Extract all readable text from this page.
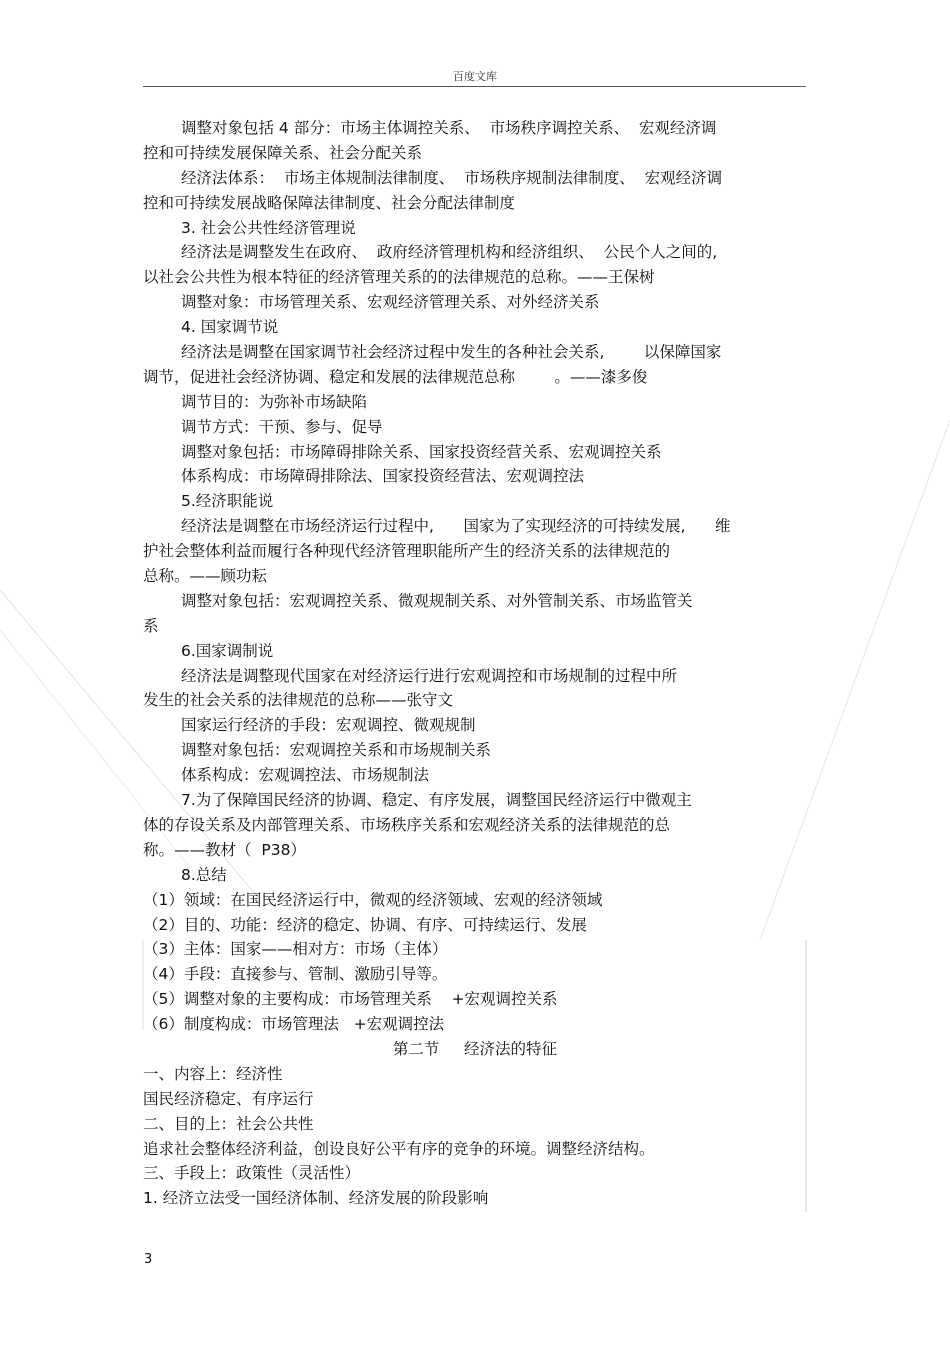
百度文库
调整对象包括 4 部分：市场主体调控关系、  市场秩序调控关系、  宏观经济调
控和可持续发展保障关系、社会分配关系
经济法体系：  市场主体规制法律制度、  市场秩序规制法律制度、  宏观经济调
控和可持续发展战略保障法律制度、社会分配法律制度
3. 社会公共性经济管理说
经济法是调整发生在政府、  政府经济管理机构和经济组织、  公民个人之间的,
以社会公共性为根本特征的经济管理关系的的法律规范的总称。——王保树
调整对象：市场管理关系、宏观经济管理关系、对外经济关系
4. 国家调节说
经济法是调整在国家调节社会经济过程中发生的各种社会关系,        以保障国家
调节，促进社会经济协调、稳定和发展的法律规范总称        。——漆多俊
调节目的：为弥补市场缺陷
调节方式：干预、参与、促导
调整对象包括：市场障碍排除关系、国家投资经营关系、宏观调控关系
体系构成：市场障碍排除法、国家投资经营法、宏观调控法
5.经济职能说
经济法是调整在市场经济运行过程中,      国家为了实现经济的可持续发展,      维
护社会整体利益而履行各种现代经济管理职能所产生的经济关系的法律规范的
总称。——顾功耘
调整对象包括：宏观调控关系、微观规制关系、对外管制关系、市场监管关
系
6.国家调制说
经济法是调整现代国家在对经济运行进行宏观调控和市场规制的过程中所
发生的社会关系的法律规范的总称——张守文
国家运行经济的手段：宏观调控、微观规制
调整对象包括：宏观调控关系和市场规制关系
体系构成：宏观调控法、市场规制法
7.为了保障国民经济的协调、稳定、有序发展，调整国民经济运行中微观主
体的存设关系及内部管理关系、市场秩序关系和宏观经济关系的法律规范的总
称。——教材（  P38）
8.总结
（1）领域：在国民经济运行中，微观的经济领域、宏观的经济领域
（2）目的、功能：经济的稳定、协调、有序、可持续运行、发展
（3）主体：国家——相对方：市场（主体）
（4）手段：直接参与、管制、激励引导等。
（5）调整对象的主要构成：市场管理关系    +宏观调控关系
（6）制度构成：市场管理法   +宏观调控法
第二节     经济法的特征
一、内容上：经济性
国民经济稳定、有序运行
二、目的上：社会公共性
追求社会整体经济利益，创设良好公平有序的竞争的环境。调整经济结构。
三、手段上：政策性（灵活性）
1. 经济立法受一国经济体制、经济发展的阶段影响
3
